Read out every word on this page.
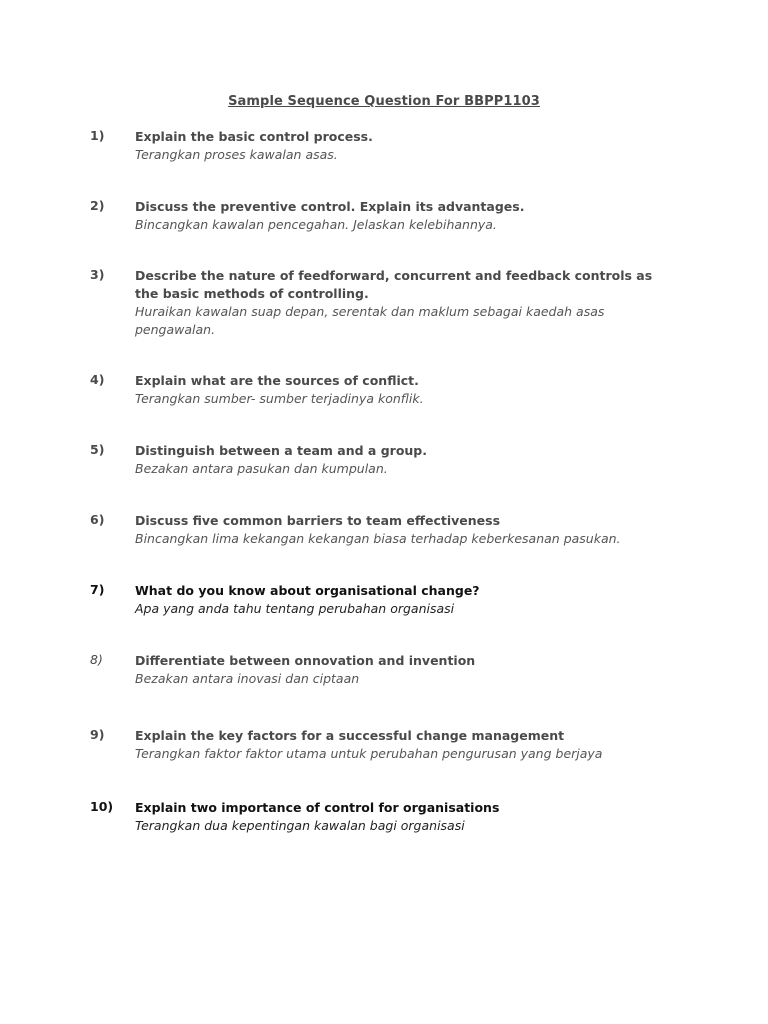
Sample Sequence Question For BBPP1103
1) Explain the basic control process.
Terangkan proses kawalan asas.
2) Discuss the preventive control. Explain its advantages.
Bincangkan kawalan pencegahan. Jelaskan kelebihannya.
3) Describe the nature of feedforward, concurrent and feedback controls as the basic methods of controlling.
Huraikan kawalan suap depan, serentak dan maklum sebagai kaedah asas pengawalan.
4) Explain what are the sources of conflict.
Terangkan sumber- sumber terjadinya konflik.
5) Distinguish between a team and a group.
Bezakan antara pasukan dan kumpulan.
6) Discuss five common barriers to team effectiveness
Bincangkan lima kekangan kekangan biasa terhadap keberkesanan pasukan.
7) What do you know about organisational change?
Apa yang anda tahu tentang perubahan organisasi
8)	Differentiate between onnovation and invention
Bezakan antara inovasi dan ciptaan
9) Explain the key factors for a successful change management
Terangkan faktor faktor utama untuk perubahan pengurusan yang berjaya
10) Explain two importance of control for organisations
Terangkan dua kepentingan kawalan bagi organisasi
